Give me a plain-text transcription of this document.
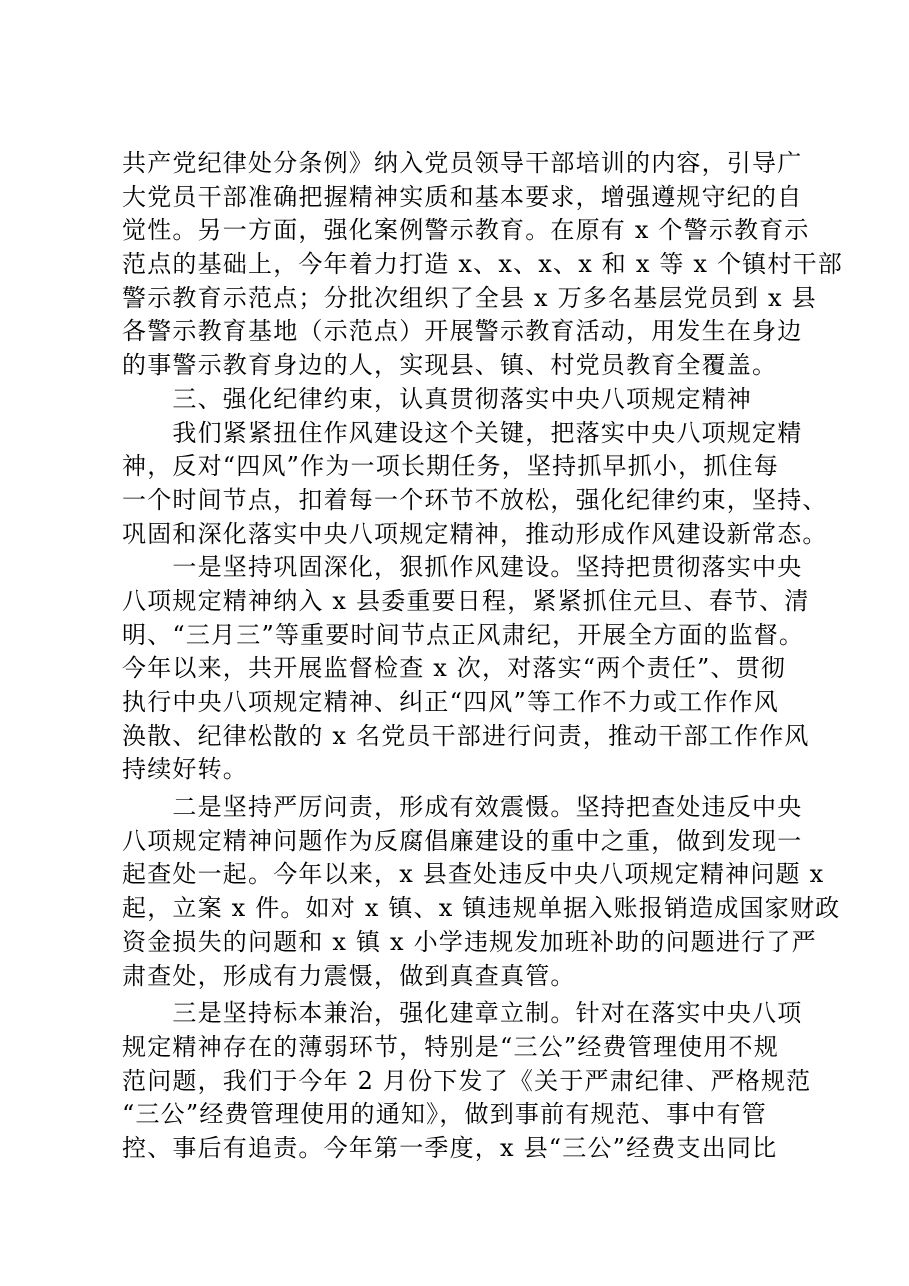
共产党纪律处分条例》纳入党员领导干部培训的内容，引导广
大党员干部准确把握精神实质和基本要求，增强遵规守纪的自
觉性。另一方面，强化案例警示教育。在原有 x 个警示教育示
范点的基础上，今年着力打造 x、x、x、x 和 x 等 x 个镇村干部
警示教育示范点；分批次组织了全县 x 万多名基层党员到 x 县
各警示教育基地（示范点）开展警示教育活动，用发生在身边
的事警示教育身边的人，实现县、镇、村党员教育全覆盖。
　　三、强化纪律约束，认真贯彻落实中央八项规定精神
　　我们紧紧扭住作风建设这个关键，把落实中央八项规定精
神，反对“四风”作为一项长期任务，坚持抓早抓小，抓住每
一个时间节点，扣着每一个环节不放松，强化纪律约束，坚持、
巩固和深化落实中央八项规定精神，推动形成作风建设新常态。
　　一是坚持巩固深化，狠抓作风建设。坚持把贯彻落实中央
八项规定精神纳入 x 县委重要日程，紧紧抓住元旦、春节、清
明、“三月三”等重要时间节点正风肃纪，开展全方面的监督。
今年以来，共开展监督检查 x 次，对落实“两个责任”、贯彻
执行中央八项规定精神、纠正“四风”等工作不力或工作作风
涣散、纪律松散的 x 名党员干部进行问责，推动干部工作作风
持续好转。
　　二是坚持严厉问责，形成有效震慑。坚持把查处违反中央
八项规定精神问题作为反腐倡廉建设的重中之重，做到发现一
起查处一起。今年以来，x 县查处违反中央八项规定精神问题 x
起，立案 x 件。如对 x 镇、x 镇违规单据入账报销造成国家财政
资金损失的问题和 x 镇 x 小学违规发加班补助的问题进行了严
肃查处，形成有力震慑，做到真查真管。
　　三是坚持标本兼治，强化建章立制。针对在落实中央八项
规定精神存在的薄弱环节，特别是“三公”经费管理使用不规
范问题，我们于今年 2 月份下发了《关于严肃纪律、严格规范
“三公”经费管理使用的通知》，做到事前有规范、事中有管
控、事后有追责。今年第一季度，x 县“三公”经费支出同比
